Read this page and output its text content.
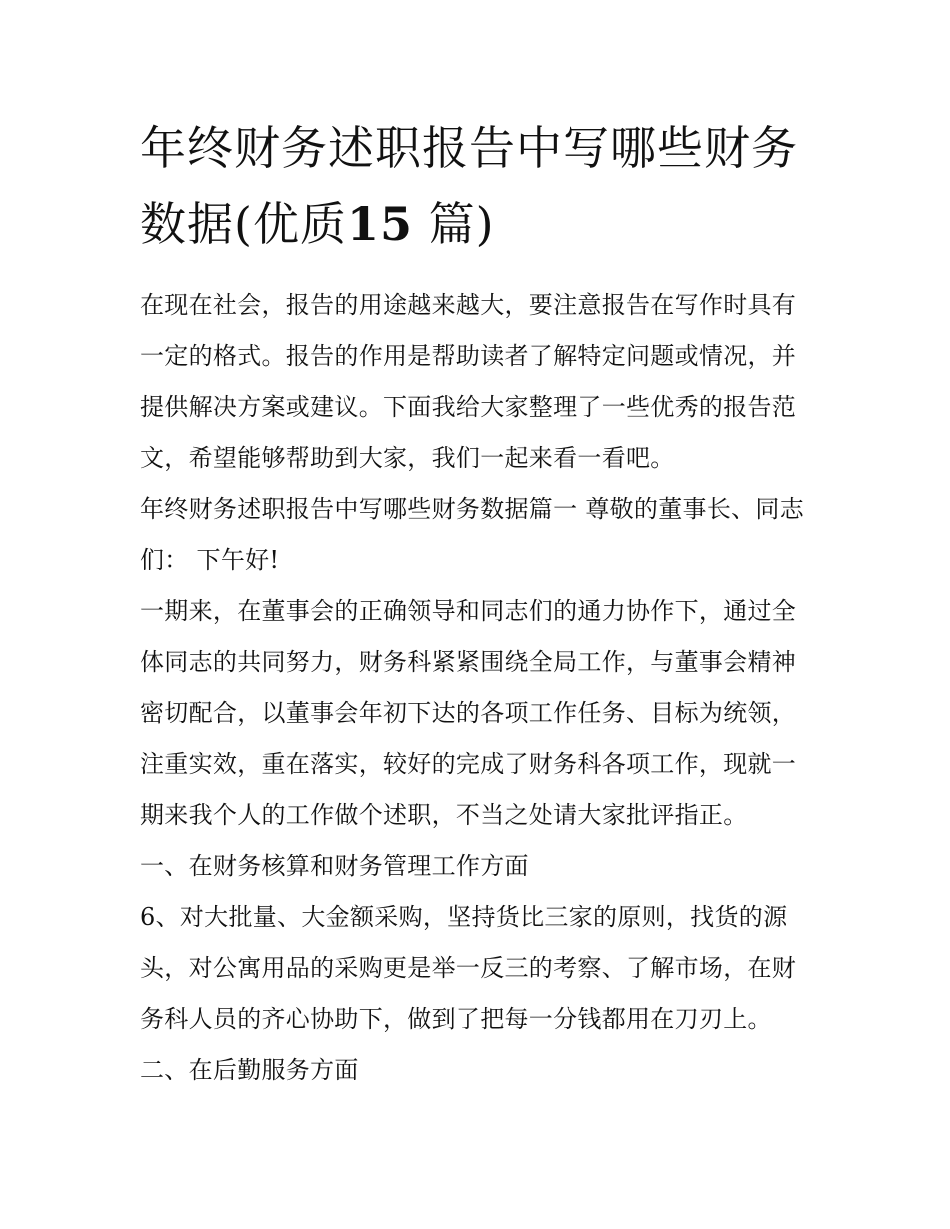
年终财务述职报告中写哪些财务数据(优质15 篇)

在现在社会，报告的用途越来越大，要注意报告在写作时具有一定的格式。报告的作用是帮助读者了解特定问题或情况，并提供解决方案或建议。下面我给大家整理了一些优秀的报告范文，希望能够帮助到大家，我们一起来看一看吧。

年终财务述职报告中写哪些财务数据篇一 尊敬的董事长、同志们： 下午好!

一期来，在董事会的正确领导和同志们的通力协作下，通过全体同志的共同努力，财务科紧紧围绕全局工作，与董事会精神密切配合，以董事会年初下达的各项工作任务、目标为统领，注重实效，重在落实，较好的完成了财务科各项工作，现就一期来我个人的工作做个述职，不当之处请大家批评指正。

一、在财务核算和财务管理工作方面

6、对大批量、大金额采购，坚持货比三家的原则，找货的源头，对公寓用品的采购更是举一反三的考察、了解市场，在财务科人员的齐心协助下，做到了把每一分钱都用在刀刃上。

二、在后勤服务方面
